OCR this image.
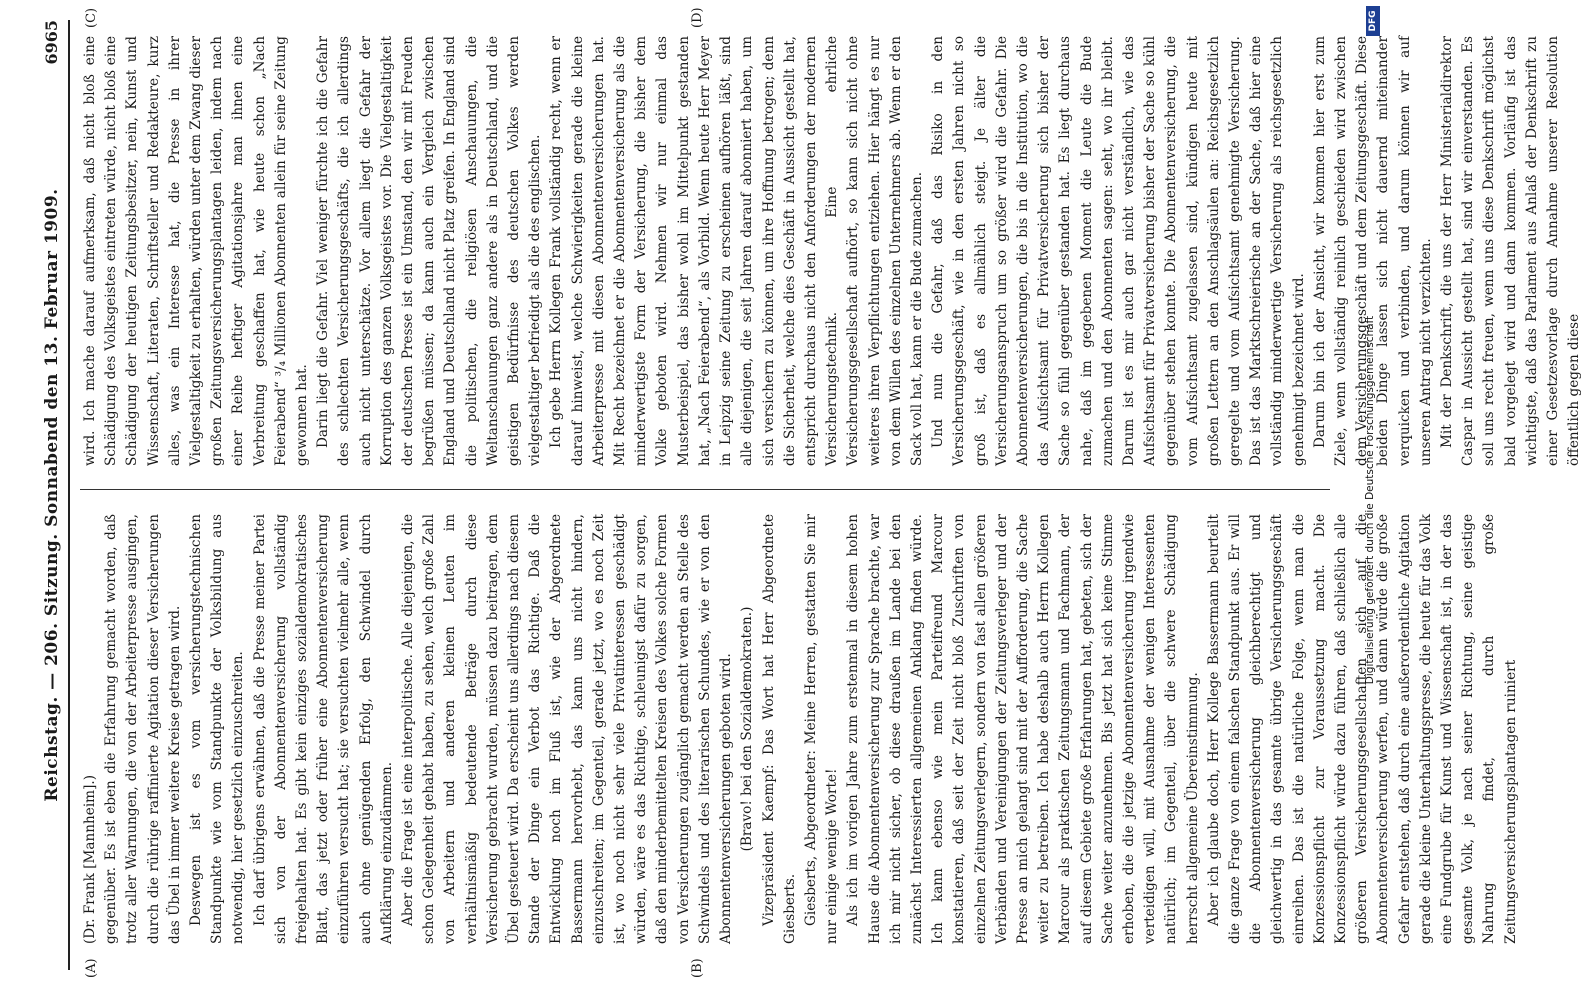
Reichstag. — 206. Sitzung. Sonnabend den 13. Februar 1909.
6965
(A)	(B)
(C)	(D)

(Dr. Frank [Mannheim].) gegenüber. Es ist eben die Erfahrung gemacht worden, daß trotz aller Warnungen, die von der Arbeiterpresse ausgingen, durch die rührige raffinierte Agitation dieser Versicherungen das Übel in immer weitere Kreise getragen wird. Deswegen ist es vom versicherungstechnischen Standpunkte wie vom Standpunkte der Volksbildung aus notwendig, hier gesetzlich einzuschreiten. Ich darf übrigens erwähnen, daß die Presse meiner Partei sich von der Abonnentenversicherung vollständig freigehalten hat. Es gibt kein einziges sozialdemokratisches Blatt, das jetzt oder früher eine Abonnentenversicherung einzuführen versucht hat; sie versuchten vielmehr alle, wenn auch ohne genügenden Erfolg, den Schwindel durch Aufklärung einzudämmen. Aber die Frage ist eine interpolitische. Alle diejenigen, die schon Gelegenheit gehabt haben, zu sehen, welch große Zahl von Arbeitern und anderen kleinen Leuten im verhältnismäßig bedeutende Beträge durch diese Versicherung gebracht wurden, müssen dazu beitragen, dem Übel gesteuert wird. Da erscheint uns allerdings nach diesem Stande der Dinge ein Verbot das Richtige. Daß die Entwicklung noch im Fluß ist, wie der Abgeordnete Bassermann hervorhebt, das kann uns nicht hindern, einzuschreiten; im Gegenteil, gerade jetzt, wo es noch Zeit ist, wo noch nicht sehr viele Privatinteressen geschädigt würden, wäre es das Richtige, schleunigst dafür zu sorgen, daß den minderbemittelten Kreisen des Volkes solche Formen von Versicherungen zugänglich gemacht werden an Stelle des Schwindels und des literarischen Schundes, wie er von den Abonnentenversicherungen geboten wird. (Bravo! bei den Sozialdemokraten.) Vizepräsident Kaempf: Das Wort hat Herr Abgeordnete Giesberts. Giesberts, Abgeordneter: Meine Herren, gestatten Sie mir nur einige wenige Worte! Als ich im vorigen Jahre zum erstenmal in diesem hohen Hause die Abonnentenversicherung zur Sprache brachte, war ich mir nicht sicher, ob diese draußen im Lande bei den zunächst Interessierten allgemeinen Anklang finden würde. Ich kann ebenso wie mein Parteifreund Marcour konstatieren, daß seit der Zeit nicht bloß Zuschriften von einzelnen Zeitungsverlegern, sondern von fast allen größeren Verbänden und Vereinigungen der Zeitungsverleger und der Presse an mich gelangt sind mit der Aufforderung, die Sache weiter zu betreiben. Ich habe deshalb auch Herrn Kollegen Marcour als praktischen Zeitungsmann und Fachmann, der auf diesem Gebiete große Erfahrungen hat, gebeten, sich der Sache weiter anzunehmen. Bis jetzt hat sich keine Stimme erhoben, die die jetzige Abonnentenversicherung irgendwie verteidigen will, mit Ausnahme der wenigen Interessenten natürlich; im Gegenteil, über die schwere Schädigung herrscht allgemeine Übereinstimmung. Aber ich glaube doch, Herr Kollege Bassermann beurteilt die ganze Frage von einem falschen Standpunkt aus. Er will die Abonnentenversicherung gleichberechtigt und gleichwertig in das gesamte übrige Versicherungsgeschäft einreihen. Das ist die natürliche Folge, wenn man die Konzessionspflicht zur Voraussetzung macht. Die Konzessionspflicht würde dazu führen, daß schließlich alle größeren Versicherungsgesellschaften sich auf die Abonnentenversicherung werfen, und dann würde die große Gefahr entstehen, daß durch eine außerordentliche Agitation gerade die kleine Unterhaltungspresse, die heute für das Volk eine Fundgrube für Kunst und Wissenschaft ist, in der das gesamte Volk, je nach seiner Richtung, seine geistige Nahrung findet, durch große Zeitungsversicherungsplantagen ruiniert

wird. Ich mache darauf aufmerksam, daß nicht bloß eine Schädigung des Volksgeistes eintreten würde, nicht bloß eine Schädigung der heutigen Zeitungsbesitzer, nein, Kunst und Wissenschaft, Literaten, Schriftsteller und Redakteure, kurz alles, was ein Interesse hat, die Presse in ihrer Vielgestaltigkeit zu erhalten, würden unter dem Zwang dieser großen Zeitungsversicherungsplantagen leiden, indem nach einer Reihe heftiger Agitationsjahre man ihnen eine Verbreitung geschaffen hat, wie heute schon „Nach Feierabend“ ³/₄ Millionen Abonnenten allein für seine Zeitung gewonnen hat. Darin liegt die Gefahr. Viel weniger fürchte ich die Gefahr des schlechten Versicherungsgeschäfts, die ich allerdings auch nicht unterschätze. Vor allem liegt die Gefahr der Korruption des ganzen Volksgeistes vor. Die Vielgestaltigkeit der deutschen Presse ist ein Umstand, den wir mit Freuden begrüßen müssen; da kann auch ein Vergleich zwischen England und Deutschland nicht Platz greifen. In England sind die politischen, die religiösen Anschauungen, die Weltanschauungen ganz andere als in Deutschland, und die geistigen Bedürfnisse des deutschen Volkes werden vielgestaltiger befriedigt als die des englischen. Ich gebe Herrn Kollegen Frank vollständig recht, wenn er darauf hinweist, welche Schwierigkeiten gerade die kleine Arbeiterpresse mit diesen Abonnentenversicherungen hat. Mit Recht bezeichnet er die Abonnentenversicherung als die minderwertigste Form der Versicherung, die bisher dem Volke geboten wird. Nehmen wir nur einmal das Musterbeispiel, das bisher wohl im Mittelpunkt gestanden hat, „Nach Feierabend“, als Vorbild. Wenn heute Herr Meyer in Leipzig seine Zeitung zu erscheinen aufhören läßt, sind alle diejenigen, die seit Jahren darauf abonniert haben, um sich versichern zu können, um ihre Hoffnung betrogen; denn die Sicherheit, welche dies Geschäft in Aussicht gestellt hat, entspricht durchaus nicht den Anforderungen der modernen Versicherungstechnik. Eine ehrliche Versicherungsgesellschaft aufhört, so kann sich nicht ohne weiteres ihren Verpflichtungen entziehen. Hier hängt es nur von dem Willen des einzelnen Unternehmers ab. Wenn er den Sack voll hat, kann er die Bude zumachen. Und nun die Gefahr, daß das Risiko in den Versicherungsgeschäft, wie in den ersten Jahren nicht so groß ist, daß es allmählich steigt. Je älter die Versicherungsanspruch um so größer wird die Gefahr. Die Abonnentenversicherungen, die bis in die Institution, wo die das Aufsichtsamt für Privatversicherung sich bisher der Sache so fühl gegenüber gestanden hat. Es liegt durchaus nahe, daß im gegebenen Moment die Leute die Bude zumachen und den Abonnenten sagen: seht, wo ihr bleibt. Darum ist es mir auch gar nicht verständlich, wie das Aufsichtsamt für Privatversicherung bisher der Sache so kühl gegenüber stehen konnte. Die Abonnentenversicherung, die vom Aufsichtsamt zugelassen sind, kündigen heute mit großen Lettern an den Anschlagsäulen an: Reichsgesetzlich geregelte und vom Aufsichtsamt genehmigte Versicherung. Das ist das Marktschreierische an der Sache, daß hier eine vollständig minderwertige Versicherung als reichsgesetzlich genehmigt bezeichnet wird. Darum bin ich der Ansicht, wir kommen hier erst zum Ziele, wenn vollständig reinlich geschieden wird zwischen dem Versicherungsgeschäft und dem Zeitungsgeschäft. Diese beiden Dinge lassen sich nicht dauernd miteinander verquicken und verbinden, und darum können wir auf unseren Antrag nicht verzichten. Mit der Denkschrift, die uns der Herr Ministerialdirektor Caspar in Aussicht gestellt hat, sind wir einverstanden. Es soll uns recht freuen, wenn uns diese Denkschrift möglichst bald vorgelegt wird und dann kommen. Vorläufig ist das wichtigste, daß das Parlament aus Anlaß der Denkschrift zu einer Gesetzesvorlage durch Annahme unserer Resolution öffentlich gegen diese

DFG
Digitalisierung gefördert durch die Deutsche Forschungsgemeinschaft
